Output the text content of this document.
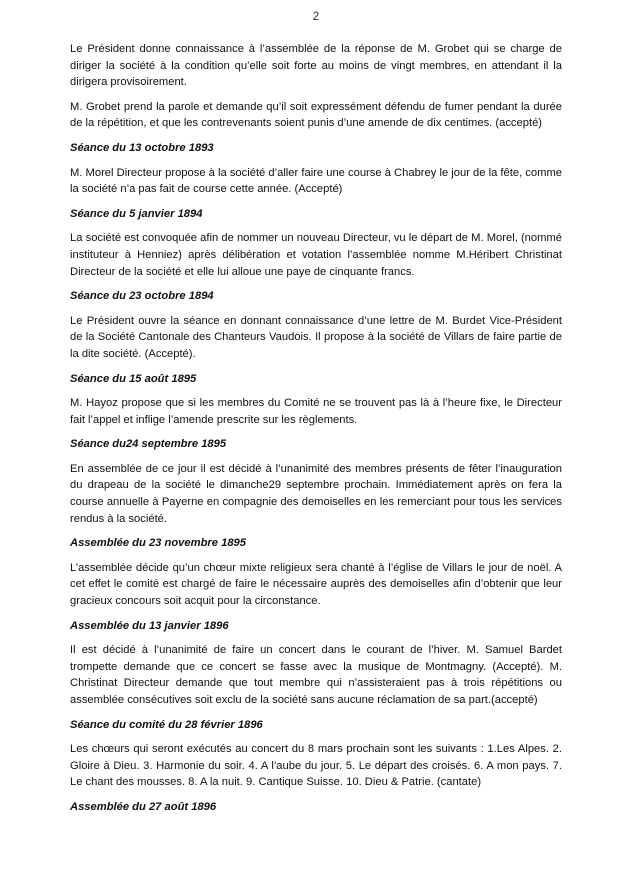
2

Le Président donne connaissance à l’assemblée de la réponse de M. Grobet qui se charge de diriger la société à la condition qu’elle soit forte au moins de vingt membres, en attendant il la dirigera provisoirement.

M. Grobet prend la parole et demande qu’il soit expressément défendu de fumer pendant la durée de la répétition, et que les contrevenants soient punis d’une amende de dix centimes. (accepté)

Séance du 13 octobre 1893

M. Morel Directeur propose à la société d’aller faire une course à Chabrey le jour de la fête, comme la société n’a pas fait de course cette année. (Accepté)

Séance du 5 janvier 1894

La société est convoquée afin de nommer un nouveau Directeur, vu le départ de M. Morel, (nommé instituteur à Henniez) après délibération et votation l’assemblée nomme M.Héribert Christinat Directeur de la société et elle lui alloue une paye de cinquante francs.

Séance du 23 octobre 1894

Le Président ouvre la séance en donnant connaissance d’une lettre de M. Burdet Vice-Président de la Société Cantonale des Chanteurs Vaudois. Il propose à la société de Villars de faire partie de la dite société. (Accepté).

Séance du 15 août 1895

M. Hayoz propose que si les membres du Comité ne se trouvent pas là à l’heure fixe, le Directeur fait l’appel et inflige l’amende prescrite sur les règlements.

Séance du24 septembre 1895

En assemblée de ce jour il est décidé à l’unanimité des membres présents de fêter l’inauguration du drapeau de la société le dimanche29 septembre prochain. Immédiatement après on fera la course annuelle à Payerne en compagnie des demoiselles en les remerciant pour tous les services rendus à la société.

Assemblée du 23 novembre 1895

L’assemblée décide qu’un chœur mixte religieux sera chanté à l’église de Villars le jour de noël. A cet effet le comité est chargé de faire le nécessaire auprès des demoiselles afin d’obtenir que leur gracieux concours soit acquit pour la circonstance.

Assemblée du 13 janvier 1896

Il est décidé à l’unanimité de faire un concert dans le courant de l’hiver. M. Samuel Bardet trompette demande que ce concert se fasse avec la musique de Montmagny. (Accepté). M. Christinat Directeur demande que tout membre qui n’assisteraient pas à trois répétitions ou assemblée consécutives soit exclu de la société sans aucune réclamation de sa part.(accepté)

Séance du comité du 28 février 1896

Les chœurs qui seront exécutés au concert du 8 mars prochain sont les suivants : 1.Les Alpes. 2. Gloire à Dieu. 3. Harmonie du soir. 4. A l’aube du jour. 5. Le départ des croisés. 6. A mon pays. 7. Le chant des mousses. 8. A la nuit. 9. Cantique Suisse. 10. Dieu & Patrie. (cantate)

Assemblée du 27 août 1896
